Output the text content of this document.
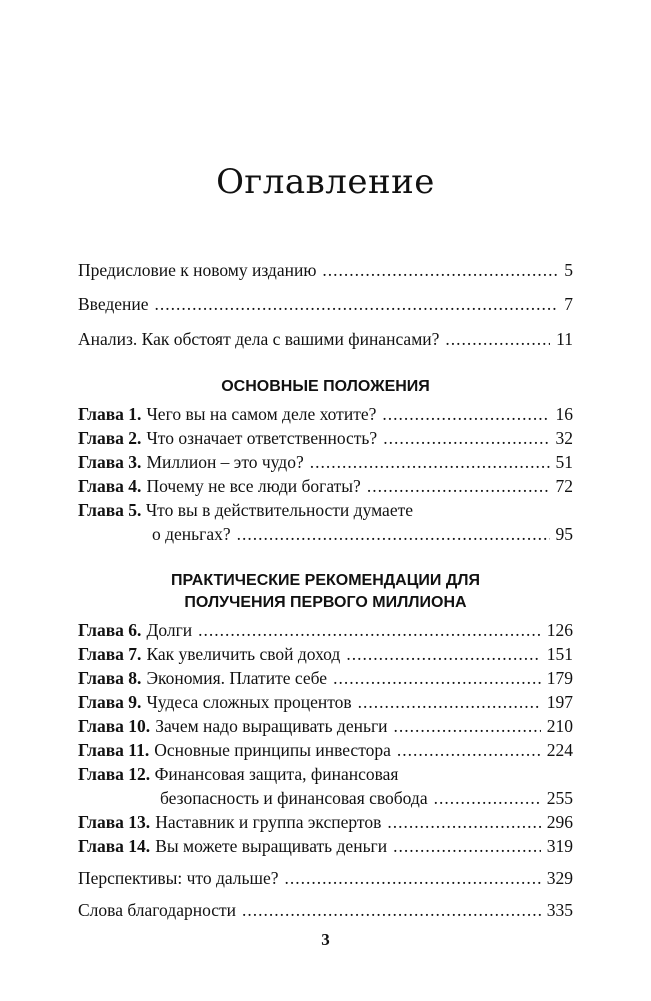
Оглавление
Предисловие к новому изданию .....	5
Введение .....	7
Анализ. Как обстоят дела с вашими финансами? .....	11
ОСНОВНЫЕ ПОЛОЖЕНИЯ
Глава 1. Чего вы на самом деле хотите? .....	16
Глава 2. Что означает ответственность? .....	32
Глава 3. Миллион – это чудо? .....	51
Глава 4. Почему не все люди богаты? .....	72
Глава 5. Что вы в действительности думаете
о деньгах? .....	95
ПРАКТИЧЕСКИЕ РЕКОМЕНДАЦИИ ДЛЯ
ПОЛУЧЕНИЯ ПЕРВОГО МИЛЛИОНА
Глава 6. Долги .....	126
Глава 7. Как увеличить свой доход .....	151
Глава 8. Экономия. Платите себе .....	179
Глава 9. Чудеса сложных процентов .....	197
Глава 10. Зачем надо выращивать деньги .....	210
Глава 11. Основные принципы инвестора .....	224
Глава 12. Финансовая защита, финансовая
безопасность и финансовая свобода .....	255
Глава 13. Наставник и группа экспертов .....	296
Глава 14. Вы можете выращивать деньги .....	319
Перспективы: что дальше? .....	329
Слова благодарности .....	335
3
